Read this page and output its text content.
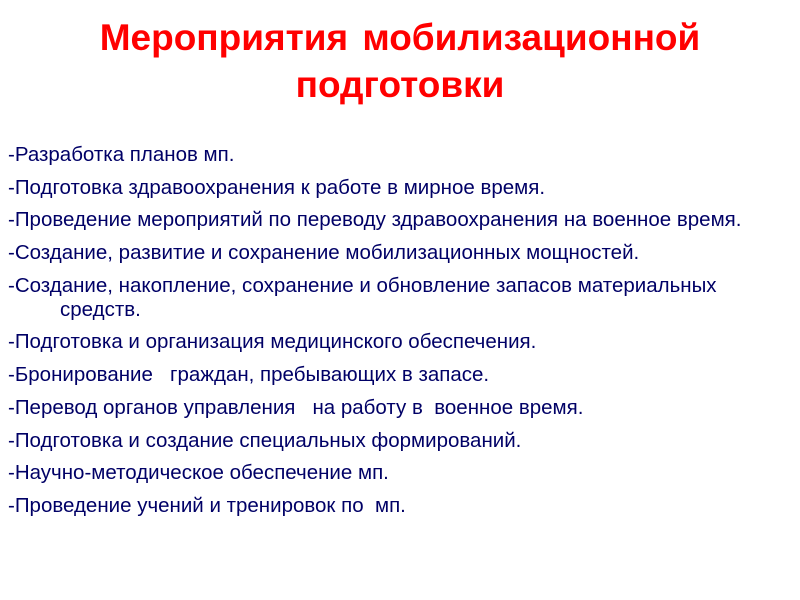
Мероприятия мобилизационной
подготовки
-Разработка планов мп.
-Подготовка здравоохранения к работе в мирное время.
-Проведение мероприятий по переводу здравоохранения на военное время.
-Создание, развитие и сохранение мобилизационных мощностей.
-Создание, накопление, сохранение и обновление запасов материальных средств.
-Подготовка и организация медицинского обеспечения.
-Бронирование   граждан, пребывающих в запасе.
-Перевод органов управления   на работу в  военное время.
-Подготовка и создание специальных формирований.
-Научно-методическое обеспечение мп.
-Проведение учений и тренировок по  мп.
